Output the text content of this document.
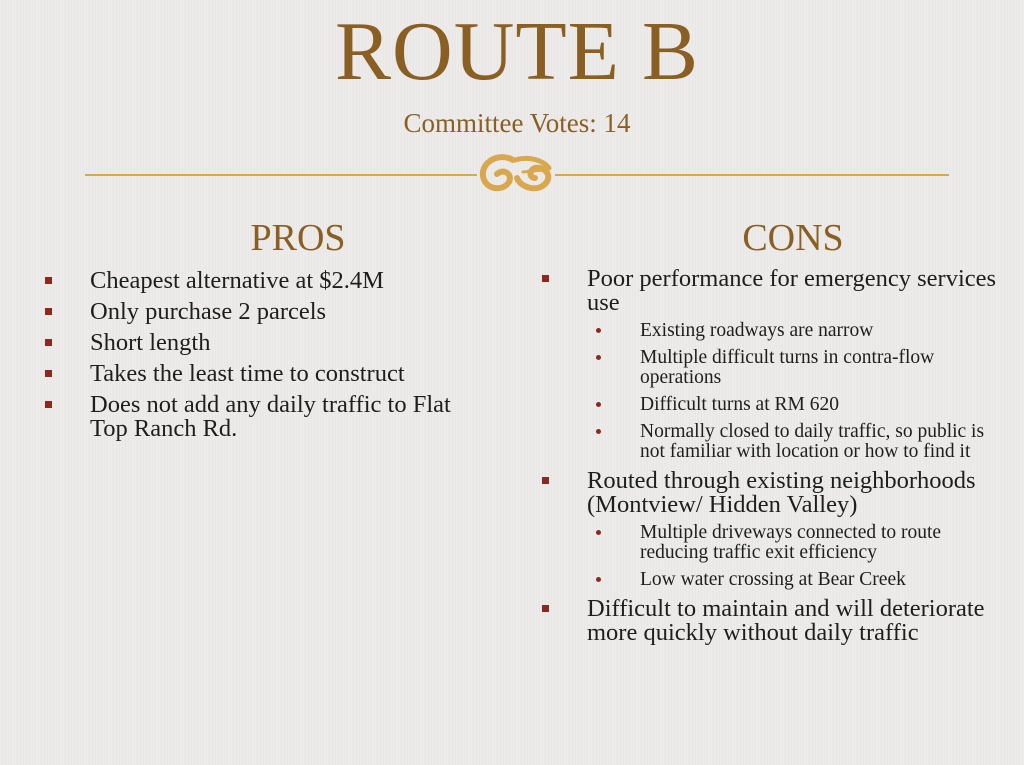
ROUTE B
Committee Votes: 14
PROS	CONS
Cheapest alternative at $2.4M
Only purchase 2 parcels
Short length
Takes the least time to construct
Does not add any daily traffic to Flat Top Ranch Rd.
Poor performance for emergency services use
Existing roadways are narrow
Multiple difficult turns in contra-flow operations
Difficult turns at RM 620
Normally closed to daily traffic, so public is not familiar with location or how to find it
Routed through existing neighborhoods (Montview/ Hidden Valley)
Multiple driveways connected to route reducing traffic exit efficiency
Low water crossing at Bear Creek
Difficult to maintain and will deteriorate more quickly without daily traffic
